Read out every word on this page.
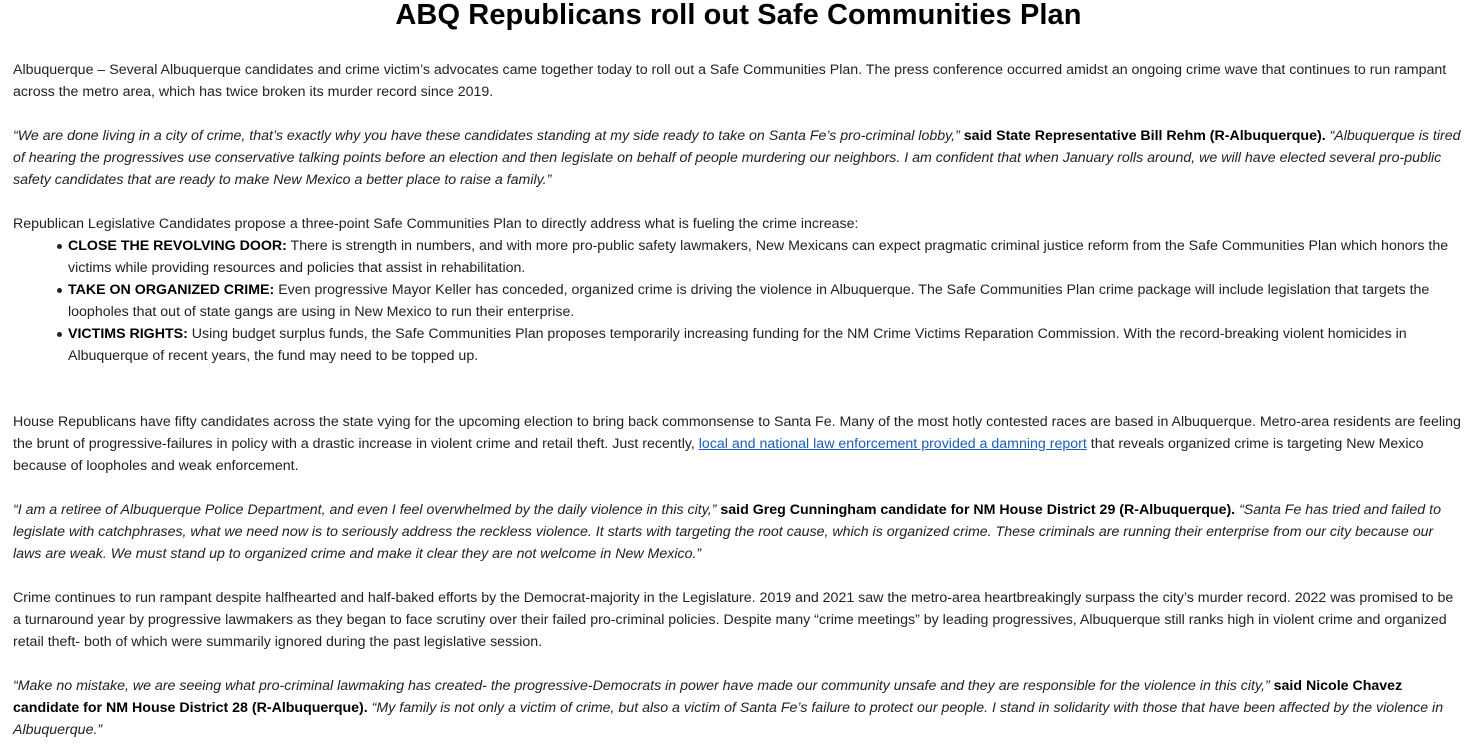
ABQ Republicans roll out Safe Communities Plan

Albuquerque – Several Albuquerque candidates and crime victim’s advocates came together today to roll out a Safe Communities Plan. The press conference occurred amidst an ongoing crime wave that continues to run rampant across the metro area, which has twice broken its murder record since 2019.

“We are done living in a city of crime, that’s exactly why you have these candidates standing at my side ready to take on Santa Fe’s pro-criminal lobby,” said State Representative Bill Rehm (R-Albuquerque). “Albuquerque is tired of hearing the progressives use conservative talking points before an election and then legislate on behalf of people murdering our neighbors. I am confident that when January rolls around, we will have elected several pro-public safety candidates that are ready to make New Mexico a better place to raise a family.”

Republican Legislative Candidates propose a three-point Safe Communities Plan to directly address what is fueling the crime increase:

CLOSE THE REVOLVING DOOR: There is strength in numbers, and with more pro-public safety lawmakers, New Mexicans can expect pragmatic criminal justice reform from the Safe Communities Plan which honors the victims while providing resources and policies that assist in rehabilitation.
TAKE ON ORGANIZED CRIME: Even progressive Mayor Keller has conceded, organized crime is driving the violence in Albuquerque. The Safe Communities Plan crime package will include legislation that targets the loopholes that out of state gangs are using in New Mexico to run their enterprise.
VICTIMS RIGHTS: Using budget surplus funds, the Safe Communities Plan proposes temporarily increasing funding for the NM Crime Victims Reparation Commission. With the record-breaking violent homicides in Albuquerque of recent years, the fund may need to be topped up.

House Republicans have fifty candidates across the state vying for the upcoming election to bring back commonsense to Santa Fe. Many of the most hotly contested races are based in Albuquerque. Metro-area residents are feeling the brunt of progressive-failures in policy with a drastic increase in violent crime and retail theft. Just recently, local and national law enforcement provided a damning report that reveals organized crime is targeting New Mexico because of loopholes and weak enforcement.

“I am a retiree of Albuquerque Police Department, and even I feel overwhelmed by the daily violence in this city,” said Greg Cunningham candidate for NM House District 29 (R-Albuquerque). “Santa Fe has tried and failed to legislate with catchphrases, what we need now is to seriously address the reckless violence. It starts with targeting the root cause, which is organized crime. These criminals are running their enterprise from our city because our laws are weak. We must stand up to organized crime and make it clear they are not welcome in New Mexico.”

Crime continues to run rampant despite halfhearted and half-baked efforts by the Democrat-majority in the Legislature. 2019 and 2021 saw the metro-area heartbreakingly surpass the city’s murder record. 2022 was promised to be a turnaround year by progressive lawmakers as they began to face scrutiny over their failed pro-criminal policies. Despite many “crime meetings” by leading progressives, Albuquerque still ranks high in violent crime and organized retail theft- both of which were summarily ignored during the past legislative session.

“Make no mistake, we are seeing what pro-criminal lawmaking has created- the progressive-Democrats in power have made our community unsafe and they are responsible for the violence in this city,” said Nicole Chavez candidate for NM House District 28 (R-Albuquerque). “My family is not only a victim of crime, but also a victim of Santa Fe’s failure to protect our people. I stand in solidarity with those that have been affected by the violence in Albuquerque.”
